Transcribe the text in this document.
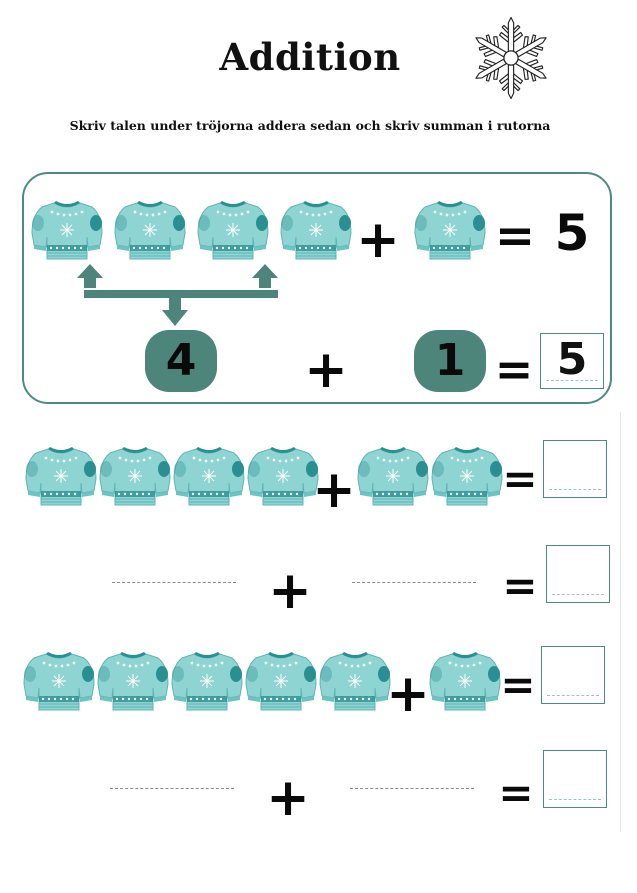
Addition
Skriv talen under tröjorna addera sedan och skriv summan i rutorna
+ = 5
4	+	1 = 5
+	=
+	=
+ =
+	=
